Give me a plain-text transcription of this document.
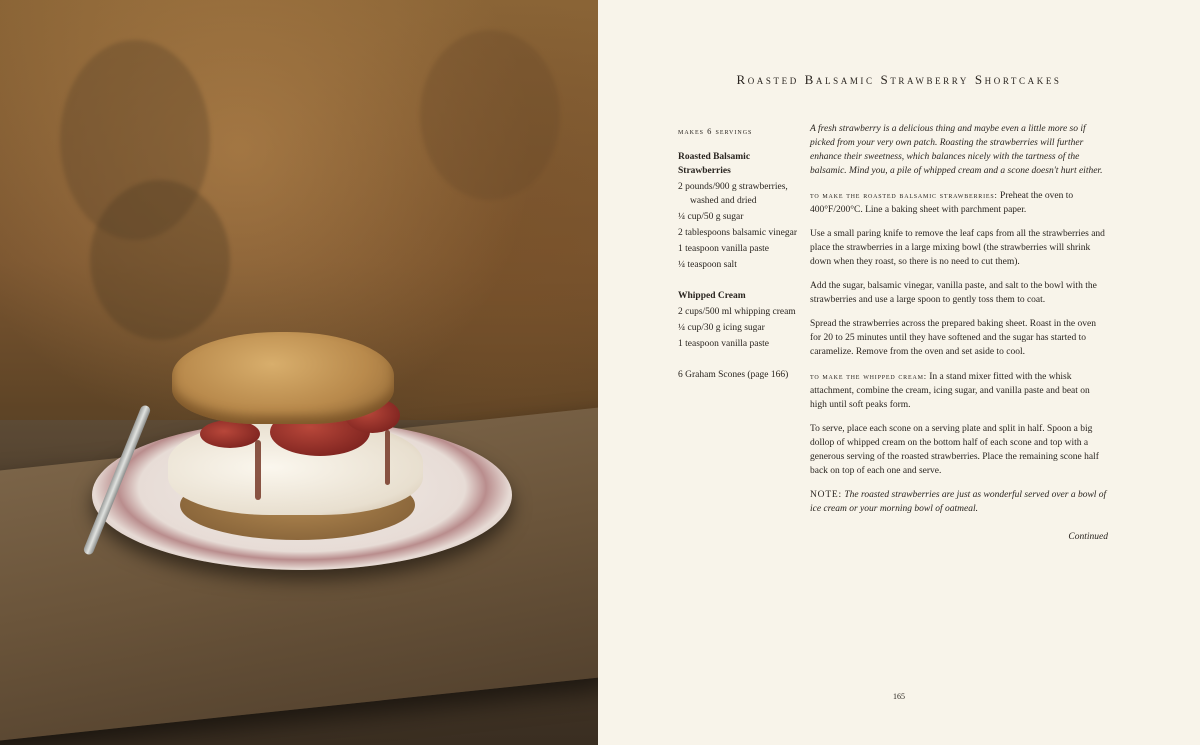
Roasted Balsamic Strawberry Shortcakes
makes 6 servings
Roasted Balsamic Strawberries
2 pounds/900 g strawberries, washed and dried
¼ cup/50 g sugar
2 tablespoons balsamic vinegar
1 teaspoon vanilla paste
¼ teaspoon salt
Whipped Cream
2 cups/500 ml whipping cream
¼ cup/30 g icing sugar
1 teaspoon vanilla paste
6 Graham Scones (page 166)

A fresh strawberry is a delicious thing and maybe even a little more so if picked from your very own patch. Roasting the strawberries will further enhance their sweetness, which balances nicely with the tartness of the balsamic. Mind you, a pile of whipped cream and a scone doesn't hurt either.

to make the roasted balsamic strawberries: Preheat the oven to 400°F/200°C. Line a baking sheet with parchment paper.

Use a small paring knife to remove the leaf caps from all the strawberries and place the strawberries in a large mixing bowl (the strawberries will shrink down when they roast, so there is no need to cut them).

Add the sugar, balsamic vinegar, vanilla paste, and salt to the bowl with the strawberries and use a large spoon to gently toss them to coat.

Spread the strawberries across the prepared baking sheet. Roast in the oven for 20 to 25 minutes until they have softened and the sugar has started to caramelize. Remove from the oven and set aside to cool.

to make the whipped cream: In a stand mixer fitted with the whisk attachment, combine the cream, icing sugar, and vanilla paste and beat on high until soft peaks form.

To serve, place each scone on a serving plate and split in half. Spoon a big dollop of whipped cream on the bottom half of each scone and top with a generous serving of the roasted strawberries. Place the remaining scone half back on top of each one and serve.

NOTE: The roasted strawberries are just as wonderful served over a bowl of ice cream or your morning bowl of oatmeal.

Continued
165
